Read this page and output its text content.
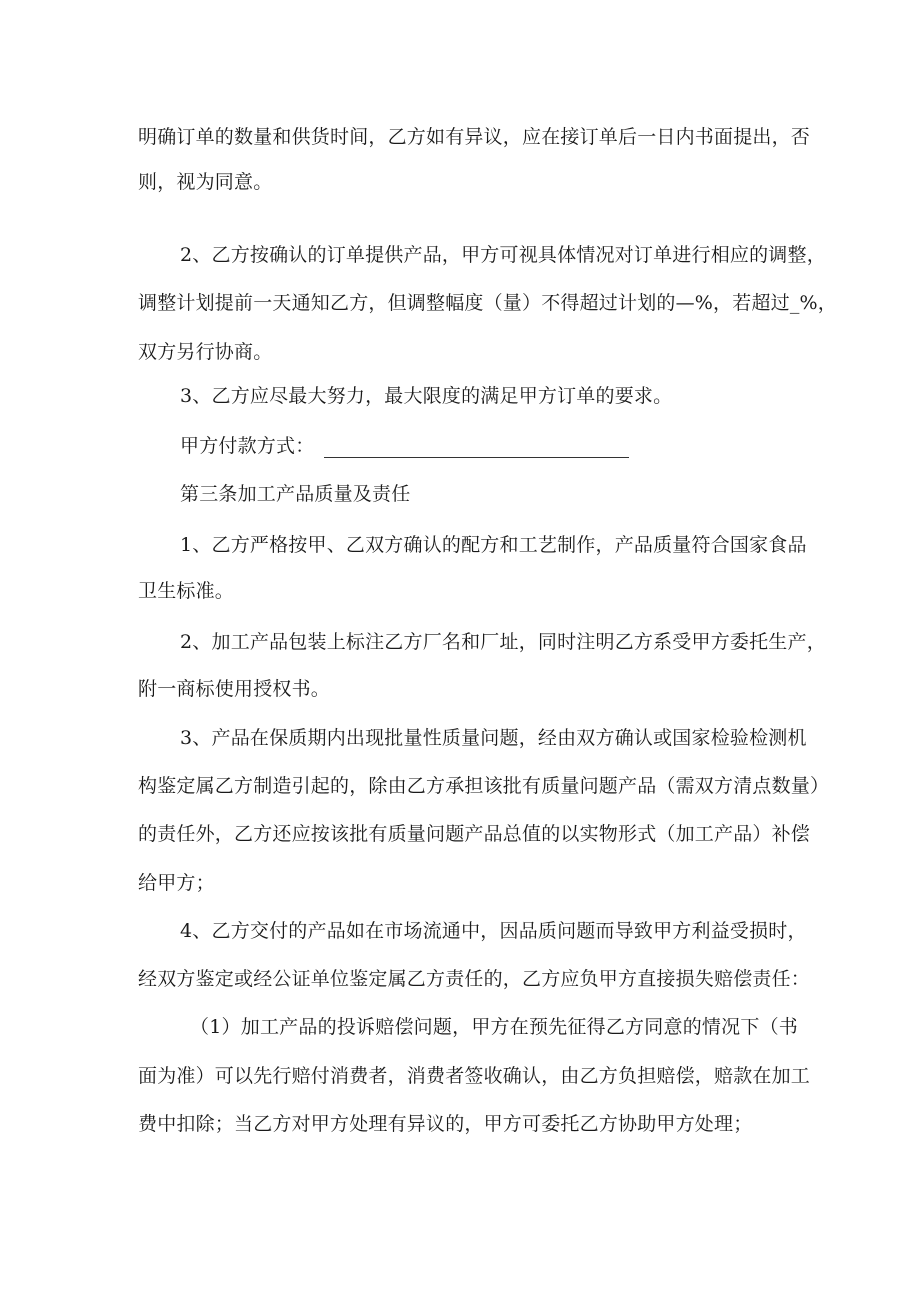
明确订单的数量和供货时间，乙方如有异议，应在接订单后一日内书面提出，否
则，视为同意。
2、乙方按确认的订单提供产品，甲方可视具体情况对订单进行相应的调整，
调整计划提前一天通知乙方，但调整幅度（量）不得超过计划的—%，若超过_%，
双方另行协商。
3、乙方应尽最大努力，最大限度的满足甲方订单的要求。
甲方付款方式：
第三条加工产品质量及责任
1、乙方严格按甲、乙双方确认的配方和工艺制作，产品质量符合国家食品
卫生标准。
2、加工产品包装上标注乙方厂名和厂址，同时注明乙方系受甲方委托生产，
附一商标使用授权书。
3、产品在保质期内出现批量性质量问题，经由双方确认或国家检验检测机
构鉴定属乙方制造引起的，除由乙方承担该批有质量问题产品（需双方清点数量）
的责任外，乙方还应按该批有质量问题产品总值的以实物形式（加工产品）补偿
给甲方；
4、乙方交付的产品如在市场流通中，因品质问题而导致甲方利益受损时，
经双方鉴定或经公证单位鉴定属乙方责任的，乙方应负甲方直接损失赔偿责任：
（1）加工产品的投诉赔偿问题，甲方在预先征得乙方同意的情况下（书
面为准）可以先行赔付消费者，消费者签收确认，由乙方负担赔偿，赔款在加工
费中扣除；当乙方对甲方处理有异议的，甲方可委托乙方协助甲方处理；
